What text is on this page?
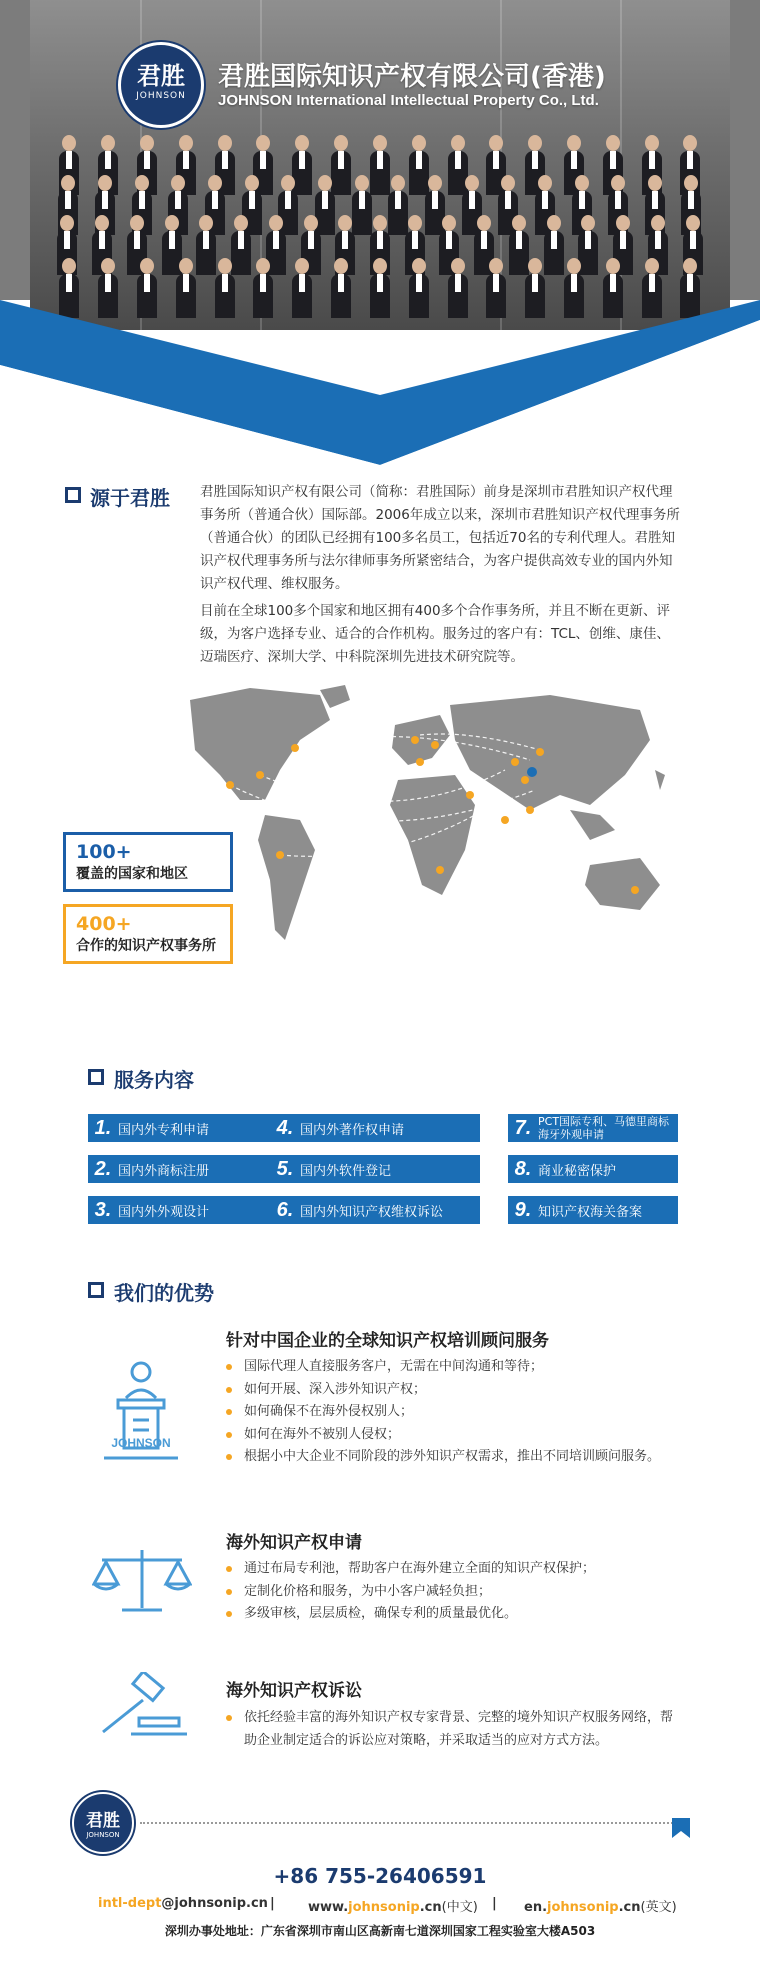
君胜
JOHNSON
君胜国际知识产权有限公司(香港)
JOHNSON International Intellectual Property Co., Ltd.
源于君胜 君胜国际知识产权有限公司（简称：君胜国际）前身是深圳市君胜知识产权代理事务所（普通合伙）国际部。2006年成立以来，深圳市君胜知识产权代理事务所（普通合伙）的团队已经拥有100多名员工，包括近70名的专利代理人。君胜知识产权代理事务所与法尔律师事务所紧密结合，为客户提供高效专业的国内外知识产权代理、维权服务。
目前在全球100多个国家和地区拥有400多个合作事务所，并且不断在更新、评级，为客户选择专业、适合的合作机构。服务过的客户有：TCL、创维、康佳、迈瑞医疗、深圳大学、中科院深圳先进技术研究院等。
100+
覆盖的国家和地区
400+
合作的知识产权事务所
服务内容
1. 国内外专利申请
2. 国内外商标注册
3. 国内外外观设计
4. 国内外著作权申请
5. 国内外软件登记
6. 国内外知识产权维权诉讼
7. PCT国际专利、马德里商标海牙外观申请
8. 商业秘密保护
9. 知识产权海关备案
我们的优势
JOHNSON
针对中国企业的全球知识产权培训顾问服务
国际代理人直接服务客户，无需在中间沟通和等待；
如何开展、深入涉外知识产权；
如何确保不在海外侵权别人；
如何在海外不被别人侵权；
根据小中大企业不同阶段的涉外知识产权需求，推出不同培训顾问服务。
海外知识产权申请
通过布局专利池，帮助客户在海外建立全面的知识产权保护；
定制化价格和服务，为中小客户减轻负担；
多级审核，层层质检，确保专利的质量最优化。
海外知识产权诉讼
依托经验丰富的海外知识产权专家背景、完整的境外知识产权服务网络，帮助企业制定适合的诉讼应对策略，并采取适当的应对方式方法。
君胜
JOHNSON
+86 755-26406591
intl-dept@johnsonip.cn |	www.johnsonip.cn(中文) | en.johnsonip.cn(英文)
深圳办事处地址：广东省深圳市南山区高新南七道深圳国家工程实验室大楼A503
